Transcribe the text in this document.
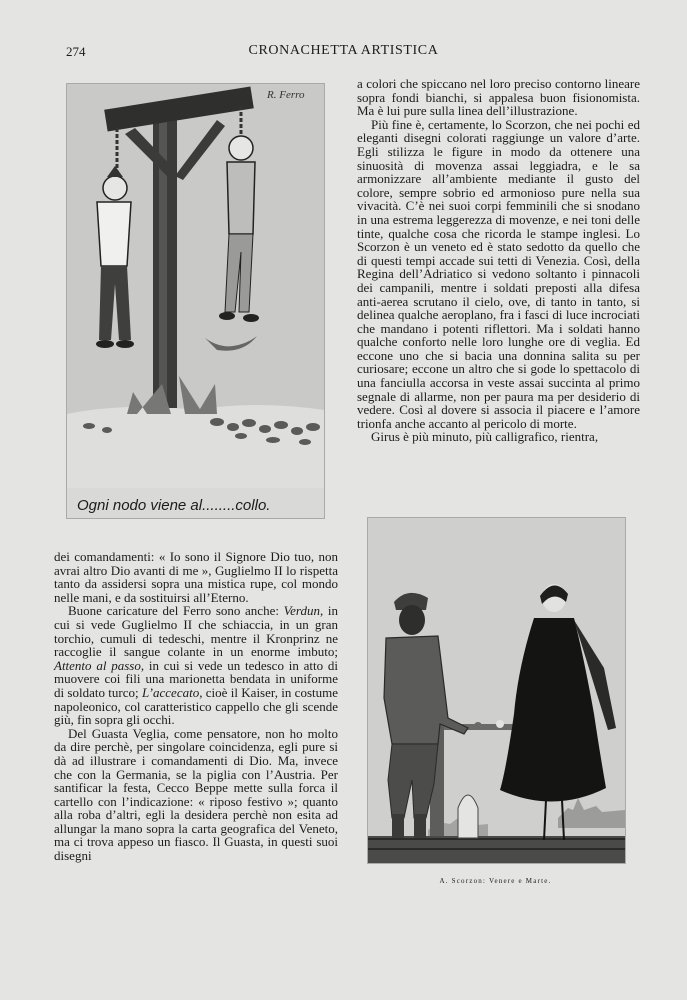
274	CRONACHETTA ARTISTICA
R. Ferro
Ogni nodo viene al........collo.

a colori che spiccano nel loro preciso contorno lineare sopra fondi bianchi, si appalesa buon fisionomista. Ma è lui pure sulla linea dell’illustrazione.

Più fine è, certamente, lo Scorzon, che nei pochi ed eleganti disegni colorati raggiunge un valore d’arte. Egli stilizza le figure in modo da ottenere una sinuosità di movenza assai leggiadra, e le sa armonizzare all’ambiente mediante il gusto del colore, sempre sobrio ed armonioso pure nella sua vivacità. C’è nei suoi corpi femminili che si snodano in una estrema leggerezza di movenze, e nei toni delle tinte, qualche cosa che ricorda le stampe inglesi. Lo Scorzon è un veneto ed è stato sedotto da quello che di questi tempi accade sui tetti di Venezia. Così, della Regina dell’Adriatico si vedono soltanto i pinnacoli dei campanili, mentre i soldati preposti alla difesa anti-aerea scrutano il cielo, ove, di tanto in tanto, si delinea qualche aeroplano, fra i fasci di luce incrociati che mandano i potenti riflettori. Ma i soldati hanno qualche conforto nelle loro lunghe ore di veglia. Ed eccone uno che si bacia una donnina salita su per curiosare; eccone un altro che si gode lo spettacolo di una fanciulla accorsa in veste assai succinta al primo segnale di allarme, non per paura ma per desiderio di vedere. Così al dovere si associa il piacere e l’amore trionfa anche accanto al pericolo di morte.

Girus è più minuto, più calligrafico, rientra,

dei comandamenti: « Io sono il Signore Dio tuo, non avrai altro Dio avanti di me », Guglielmo II lo rispetta tanto da assidersi sopra una mistica rupe, col mondo nelle mani, e da sostituirsi all’Eterno.

Buone caricature del Ferro sono anche: Verdun, in cui si vede Guglielmo II che schiaccia, in un gran torchio, cumuli di tedeschi, mentre il Kronprinz ne raccoglie il sangue colante in un enorme imbuto; Attento al passo, in cui si vede un tedesco in atto di muovere coi fili una marionetta bendata in uniforme di soldato turco; L’accecato, cioè il Kaiser, in costume napoleonico, col caratteristico cappello che gli scende giù, fin sopra gli occhi.

Del Guasta Veglia, come pensatore, non ho molto da dire perchè, per singolare coincidenza, egli pure si dà ad illustrare i comandamenti di Dio. Ma, invece che con la Germania, se la piglia con l’Austria. Per santificar la festa, Cecco Beppe mette sulla forca il cartello con l’indicazione: « riposo festivo »; quanto alla roba d’altri, egli la desidera perchè non esita ad allungar la mano sopra la carta geografica del Veneto, ma ci trova appeso un fiasco. Il Guasta, in questi suoi disegni

A. Scorzon: Venere e Marte.
